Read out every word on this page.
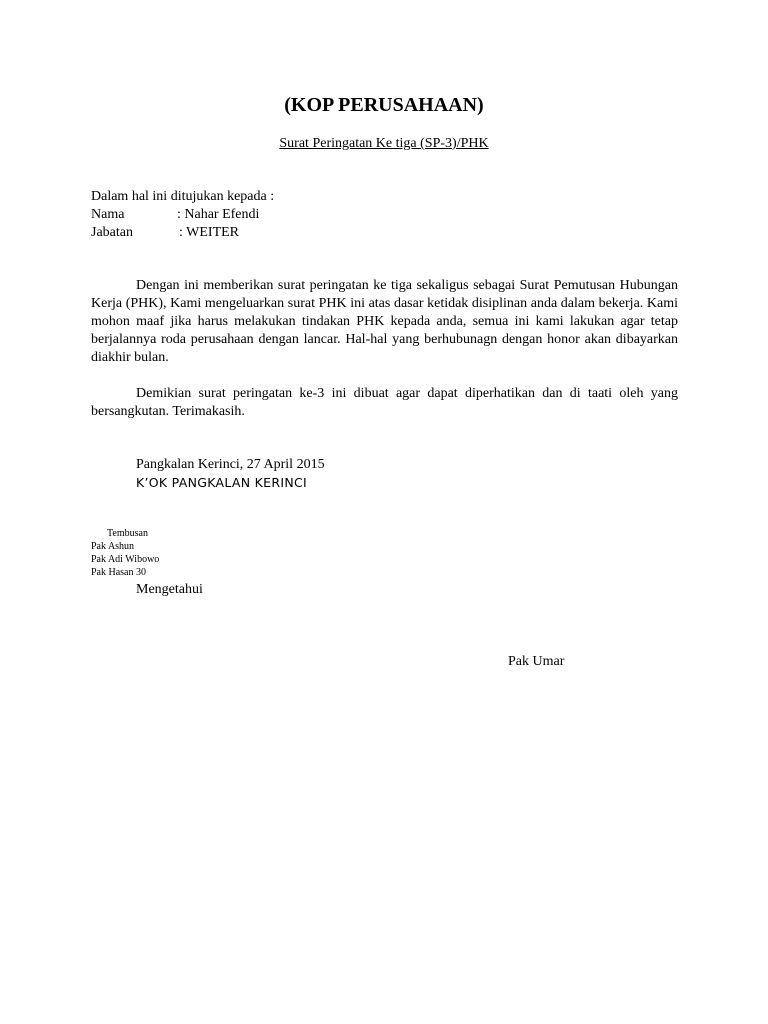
(KOP PERUSAHAAN)
Surat Peringatan Ke tiga (SP-3)/PHK
Dalam hal ini ditujukan kepada :
Nama	: Nahar Efendi
Jabatan	: WEITER

Dengan ini memberikan surat peringatan ke tiga sekaligus sebagai Surat Pemutusan Hubungan Kerja (PHK), Kami mengeluarkan surat PHK ini atas dasar ketidak disiplinan anda dalam bekerja. Kami mohon maaf jika harus melakukan tindakan PHK kepada anda, semua ini kami lakukan agar tetap berjalannya roda perusahaan dengan lancar. Hal-hal yang berhubunagn dengan honor akan dibayarkan diakhir bulan.

Demikian surat peringatan ke-3 ini dibuat agar dapat diperhatikan dan di taati oleh yang bersangkutan. Terimakasih.

Pangkalan Kerinci, 27 April 2015
K’OK PANGKALAN KERINCI
Tembusan
Pak Ashun
Pak Adi Wibowo
Pak Hasan 30
Mengetahui
Pak Umar
